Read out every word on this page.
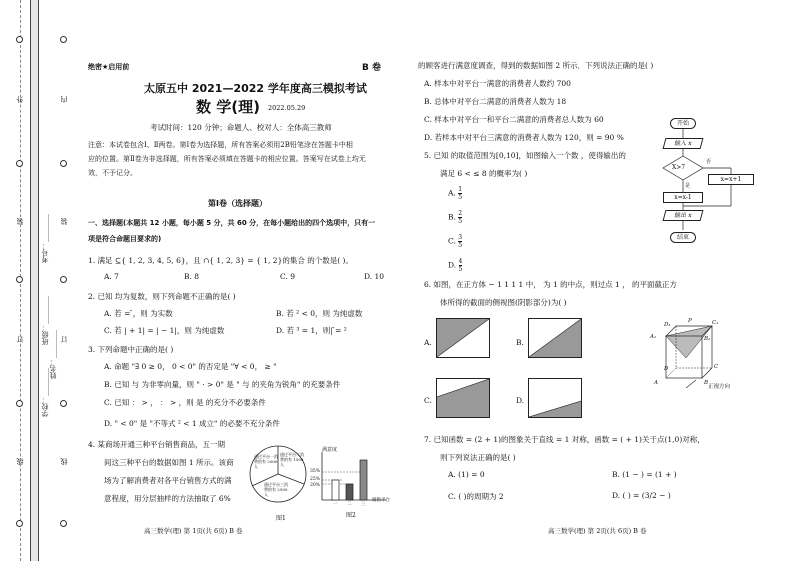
外
装
订
线
内
装
订
线
学校：________
班级：________
考号：________
姓名：________
绝密★启用前	B 卷
太原五中 2021—2022 学年度高三模拟考试
数 学(理) 2022.05.29
考试时间：120 分钟；命题人、校对人：全体高三教师
注意：本试卷包含Ⅰ、Ⅱ两卷。第Ⅰ卷为选择题，所有答案必须用2B铅笔涂在答题卡中相
应的位置。第Ⅱ卷为非选择题，所有答案必须填在答题卡的相应位置。答案写在试卷上均无
效，不予记分。
第Ⅰ卷（选择题）
一、选择题(本题共 12 小题，每小题 5 分，共 60 分，在每小题给出的四个选项中，只有一
项是符合命题目要求的)
1. 满足 ⊆{ 1, 2, 3, 4, 5, 6}，且 ∩{ 1, 2, 3} = { 1, 2}的集合 的个数是( )。
A. 7	B. 8	C. 9	D. 10
2. 已知 均为复数，则下列命题不正确的是( )
A. 若 = ̄，则 为实数	B. 若 ² < 0，则 为纯虚数
C. 若 | + 1| = | − 1|，则 为纯虚数	D. 若 ³ = 1，则| ̄= ²
3. 下列命题中正确的是( )
A. 命题 "∃ 0 ≥ 0， 0 < 0" 的否定是 "∀ < 0， ≥ "
B. 已知 与 为非零向量，则 " · > 0" 是 " 与 的夹角为锐角" 的充要条件
C. 已知 ： > ， ： > ，则 是 的充分不必要条件
D. " < 0" 是 "不等式 ² < 1 成立" 的必要不充分条件
4. 某商场开通三种平台销售商品，五一期
间这三种平台的数据如图 1 所示。该商
场为了解消费者对各平台销售方式的满
意程度，用分层抽样的方法抽取了 6%
通过平台一消费的有 2000 人
通过平台二消费的有 1500 人
通过平台三消费的有 2500 人
图1
满意度
35%
25%
20%
一 二 三
销售平台
图2
高三数学(理) 第 1页(共 6页) B 卷
的顾客进行满意度调查，得到的数据如图 2 所示．下列说法正确的是( )
A. 样本中对平台一满意的消费者人数约 700
B. 总体中对平台二满意的消费者人数为 18
C. 样本中对平台一和平台二满意的消费者总人数为 60
D. 若样本中对平台三满意的消费者人数为 120，则 = 90 %
5. 已知 的取值范围为[0,10]，如图输入一个数 ，使得输出的
满足 6 < ≤ 8 的概率为( )
A. $\frac{1}{5}$
B. $\frac{2}{5}$
C. $\frac{3}{5}$
D. $\frac{4}{5}$
开始
输入 x
X>7
否
是
x=x+1
x=x-1
输出 x
结束
6. 如图，在正方体 − 1 1 1 1 中， 为 1 的中点，则过点 1 ， 的平面截正方
体所得的截面的侧视图(阴影部分)为( )
A.	B.
C.	D.
D₁
P	C₁
A₁	B₁
D	C
A	B
正视方向
7. 已知函数 = (2 + 1)的图象关于直线 = 1 对称，函数 = ( + 1)关于点(1,0)对称，
则下列说法正确的是( )
A. (1) = 0	B. (1 − ) = (1 + )
C. ( )的周期为 2	D. ( ) = (3/2 − )
高三数学(理) 第 2页(共 6页) B 卷
